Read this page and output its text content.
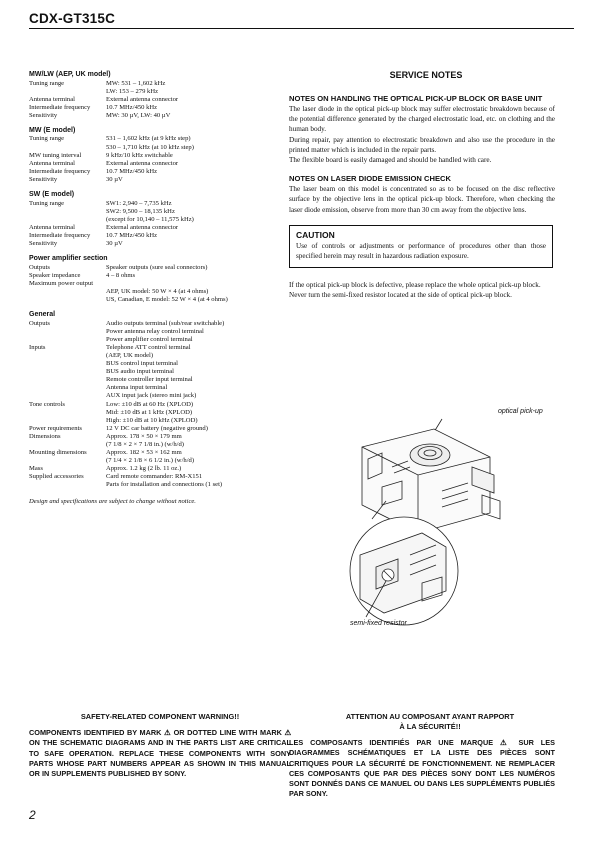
CDX-GT315C
MW/LW (AEP, UK model)
Tuning range	MW: 531 – 1,602 kHz
LW: 153 – 279 kHz
Antenna terminal	External antenna connector
Intermediate frequency	10.7 MHz/450 kHz
Sensitivity	MW: 30 µV, LW: 40 µV
MW (E model)
Tuning range	531 – 1,602 kHz (at 9 kHz step)
530 – 1,710 kHz (at 10 kHz step)
MW tuning interval	9 kHz/10 kHz switchable
Antenna terminal	External antenna connector
Intermediate frequency	10.7 MHz/450 kHz
Sensitivity	30 µV
SW (E model)
Tuning range	SW1: 2,940 – 7,735 kHz
SW2: 9,500 – 18,135 kHz
(except for 10,140 – 11,575 kHz)
Antenna terminal	External antenna connector
Intermediate frequency	10.7 MHz/450 kHz
Sensitivity	30 µV
Power amplifier section
Outputs	Speaker outputs (sure seal connectors)
Speaker impedance	4 – 8 ohms
Maximum power output
AEP, UK model: 50 W × 4 (at 4 ohms)
US, Canadian, E model: 52 W × 4 (at 4 ohms)
General
Outputs	Audio outputs terminal (sub/rear switchable)
Power antenna relay control terminal
Power amplifier control terminal
Inputs	Telephone ATT control terminal
(AEP, UK model)
BUS control input terminal
BUS audio input terminal
Remote controller input terminal
Antenna input terminal
AUX input jack (stereo mini jack)
Tone controls	Low: ±10 dB at 60 Hz (XPLOD)
Mid: ±10 dB at 1 kHz (XPLOD)
High: ±10 dB at 10 kHz (XPLOD)
Power requirements	12 V DC car battery (negative ground)
Dimensions	Approx. 178 × 50 × 179 mm
(7 1/8 × 2 × 7 1/8 in.) (w/h/d)
Mounting dimensions	Approx. 182 × 53 × 162 mm
(7 1/4 × 2 1/8 × 6 1/2 in.) (w/h/d)
Mass	Approx. 1.2 kg (2 lb. 11 oz.)
Supplied accessories	Card remote commander: RM-X151
Parts for installation and connections (1 set)
Design and specifications are subject to change without notice.
SERVICE NOTES
NOTES ON HANDLING THE OPTICAL PICK-UP BLOCK OR BASE UNIT
The laser diode in the optical pick-up block may suffer electrostatic breakdown because of the potential difference generated by the charged electrostatic load, etc. on clothing and the human body.
During repair, pay attention to electrostatic breakdown and also use the procedure in the printed matter which is included in the repair parts.
The flexible board is easily damaged and should be handled with care.
NOTES ON LASER DIODE EMISSION CHECK
The laser beam on this model is concentrated so as to be focused on the disc reflective surface by the objective lens in the optical pick-up block. Therefore, when checking the laser diode emission, observe from more than 30 cm away from the objective lens.
CAUTION
Use of controls or adjustments or performance of procedures other than those specified herein may result in hazardous radiation exposure.
If the optical pick-up block is defective, please replace the whole optical pick-up block.
Never turn the semi-fixed resistor located at the side of optical pick-up block.
optical pick-up
semi-fixed resistor
SAFETY-RELATED COMPONENT WARNING!!
COMPONENTS IDENTIFIED BY MARK ⚠ OR DOTTED LINE WITH MARK ⚠ ON THE SCHEMATIC DIAGRAMS AND IN THE PARTS LIST ARE CRITICAL TO SAFE OPERATION. REPLACE THESE COMPONENTS WITH SONY PARTS WHOSE PART NUMBERS APPEAR AS SHOWN IN THIS MANUAL OR IN SUPPLEMENTS PUBLISHED BY SONY.
ATTENTION AU COMPOSANT AYANT RAPPORT
À LA SÉCURITÉ!!
LES COMPOSANTS IDENTIFIÉS PAR UNE MARQUE ⚠ SUR LES DIAGRAMMES SCHÉMATIQUES ET LA LISTE DES PIÈCES SONT CRITIQUES POUR LA SÉCURITÉ DE FONCTIONNEMENT. NE REMPLACER CES COMPOSANTS QUE PAR DES PIÈCES SONY DONT LES NUMÉROS SONT DONNÉS DANS CE MANUEL OU DANS LES SUPPLÉMENTS PUBLIÉS PAR SONY.
2
